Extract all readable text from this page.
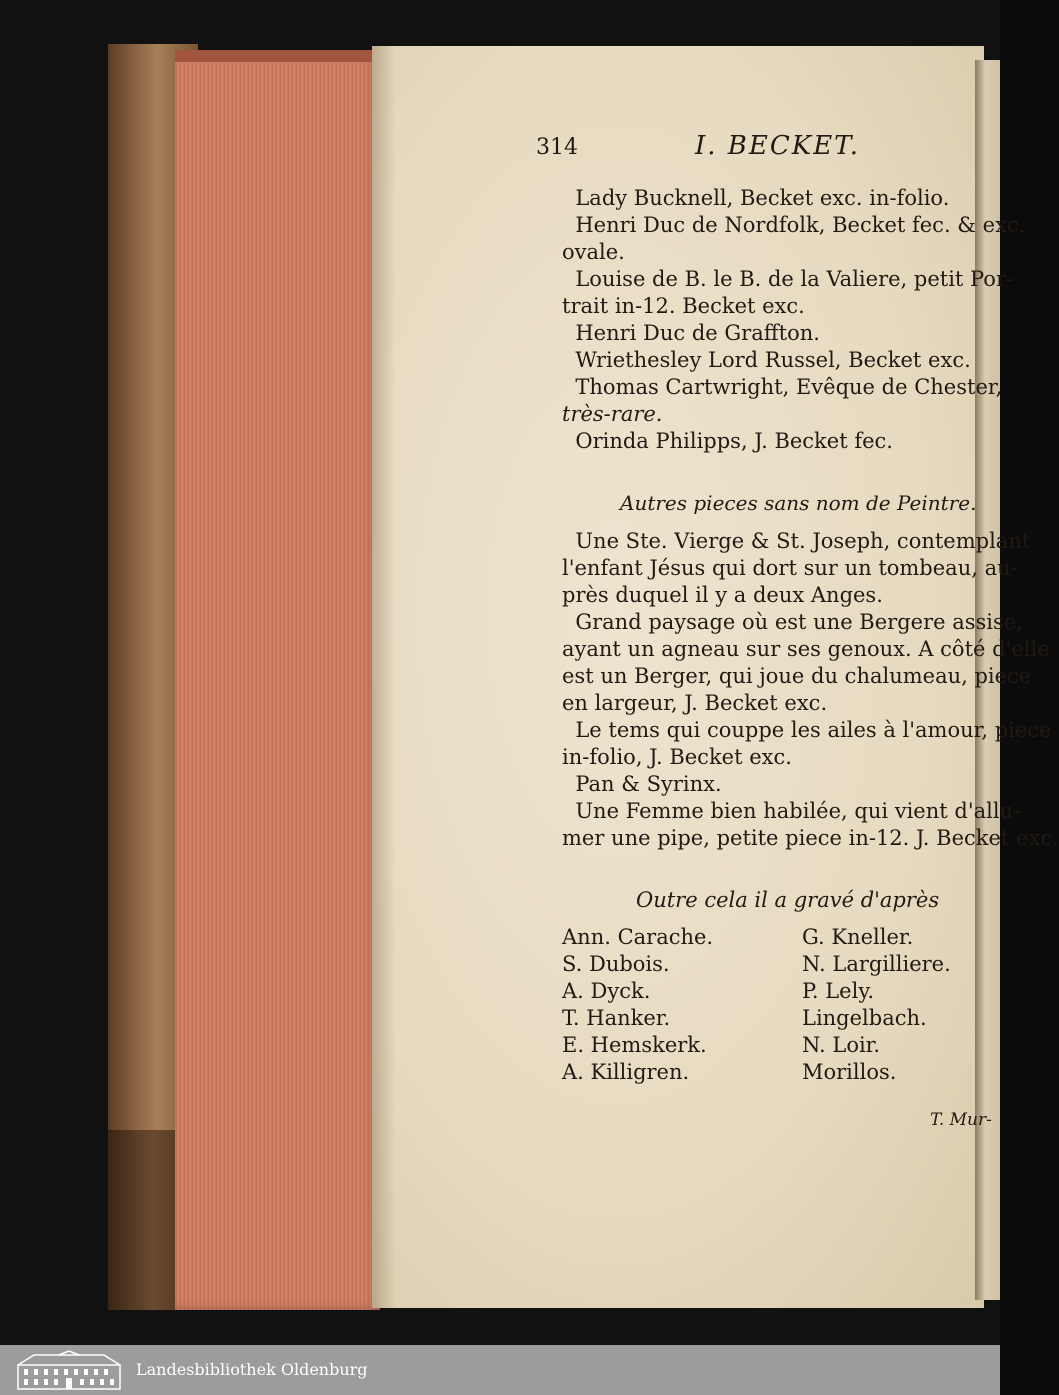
314	I. BECKET.
Lady Bucknell, Becket exc. in-folio.
Henri Duc de Nordfolk, Becket fec. & exc.
ovale.
Louise de B. le B. de la Valiere, petit Por-
trait in-12. Becket exc.
Henri Duc de Graffton.
Wriethesley Lord Russel, Becket exc.
Thomas Cartwright, Evêque de Chester,
très-rare.
Orinda Philipps, J. Becket fec.
Autres pieces sans nom de Peintre.
Une Ste. Vierge & St. Joseph, contemplant
l'enfant Jésus qui dort sur un tombeau, au-
près duquel il y a deux Anges.
Grand paysage où est une Bergere assise,
ayant un agneau sur ses genoux. A côté d'elle
est un Berger, qui joue du chalumeau, piece
en largeur, J. Becket exc.
Le tems qui couppe les ailes à l'amour, piece
in-folio, J. Becket exc.
Pan & Syrinx.
Une Femme bien habilée, qui vient d'allu-
mer une pipe, petite piece in-12. J. Becket exc.
Outre cela il a gravé d'après
Ann. Carache.
S. Dubois.
A. Dyck.
T. Hanker.
E. Hemskerk.
A. Killigren.
G. Kneller.
N. Largilliere.
P. Lely.
Lingelbach.
N. Loir.
Morillos.
T. Mur-
Landesbibliothek Oldenburg
